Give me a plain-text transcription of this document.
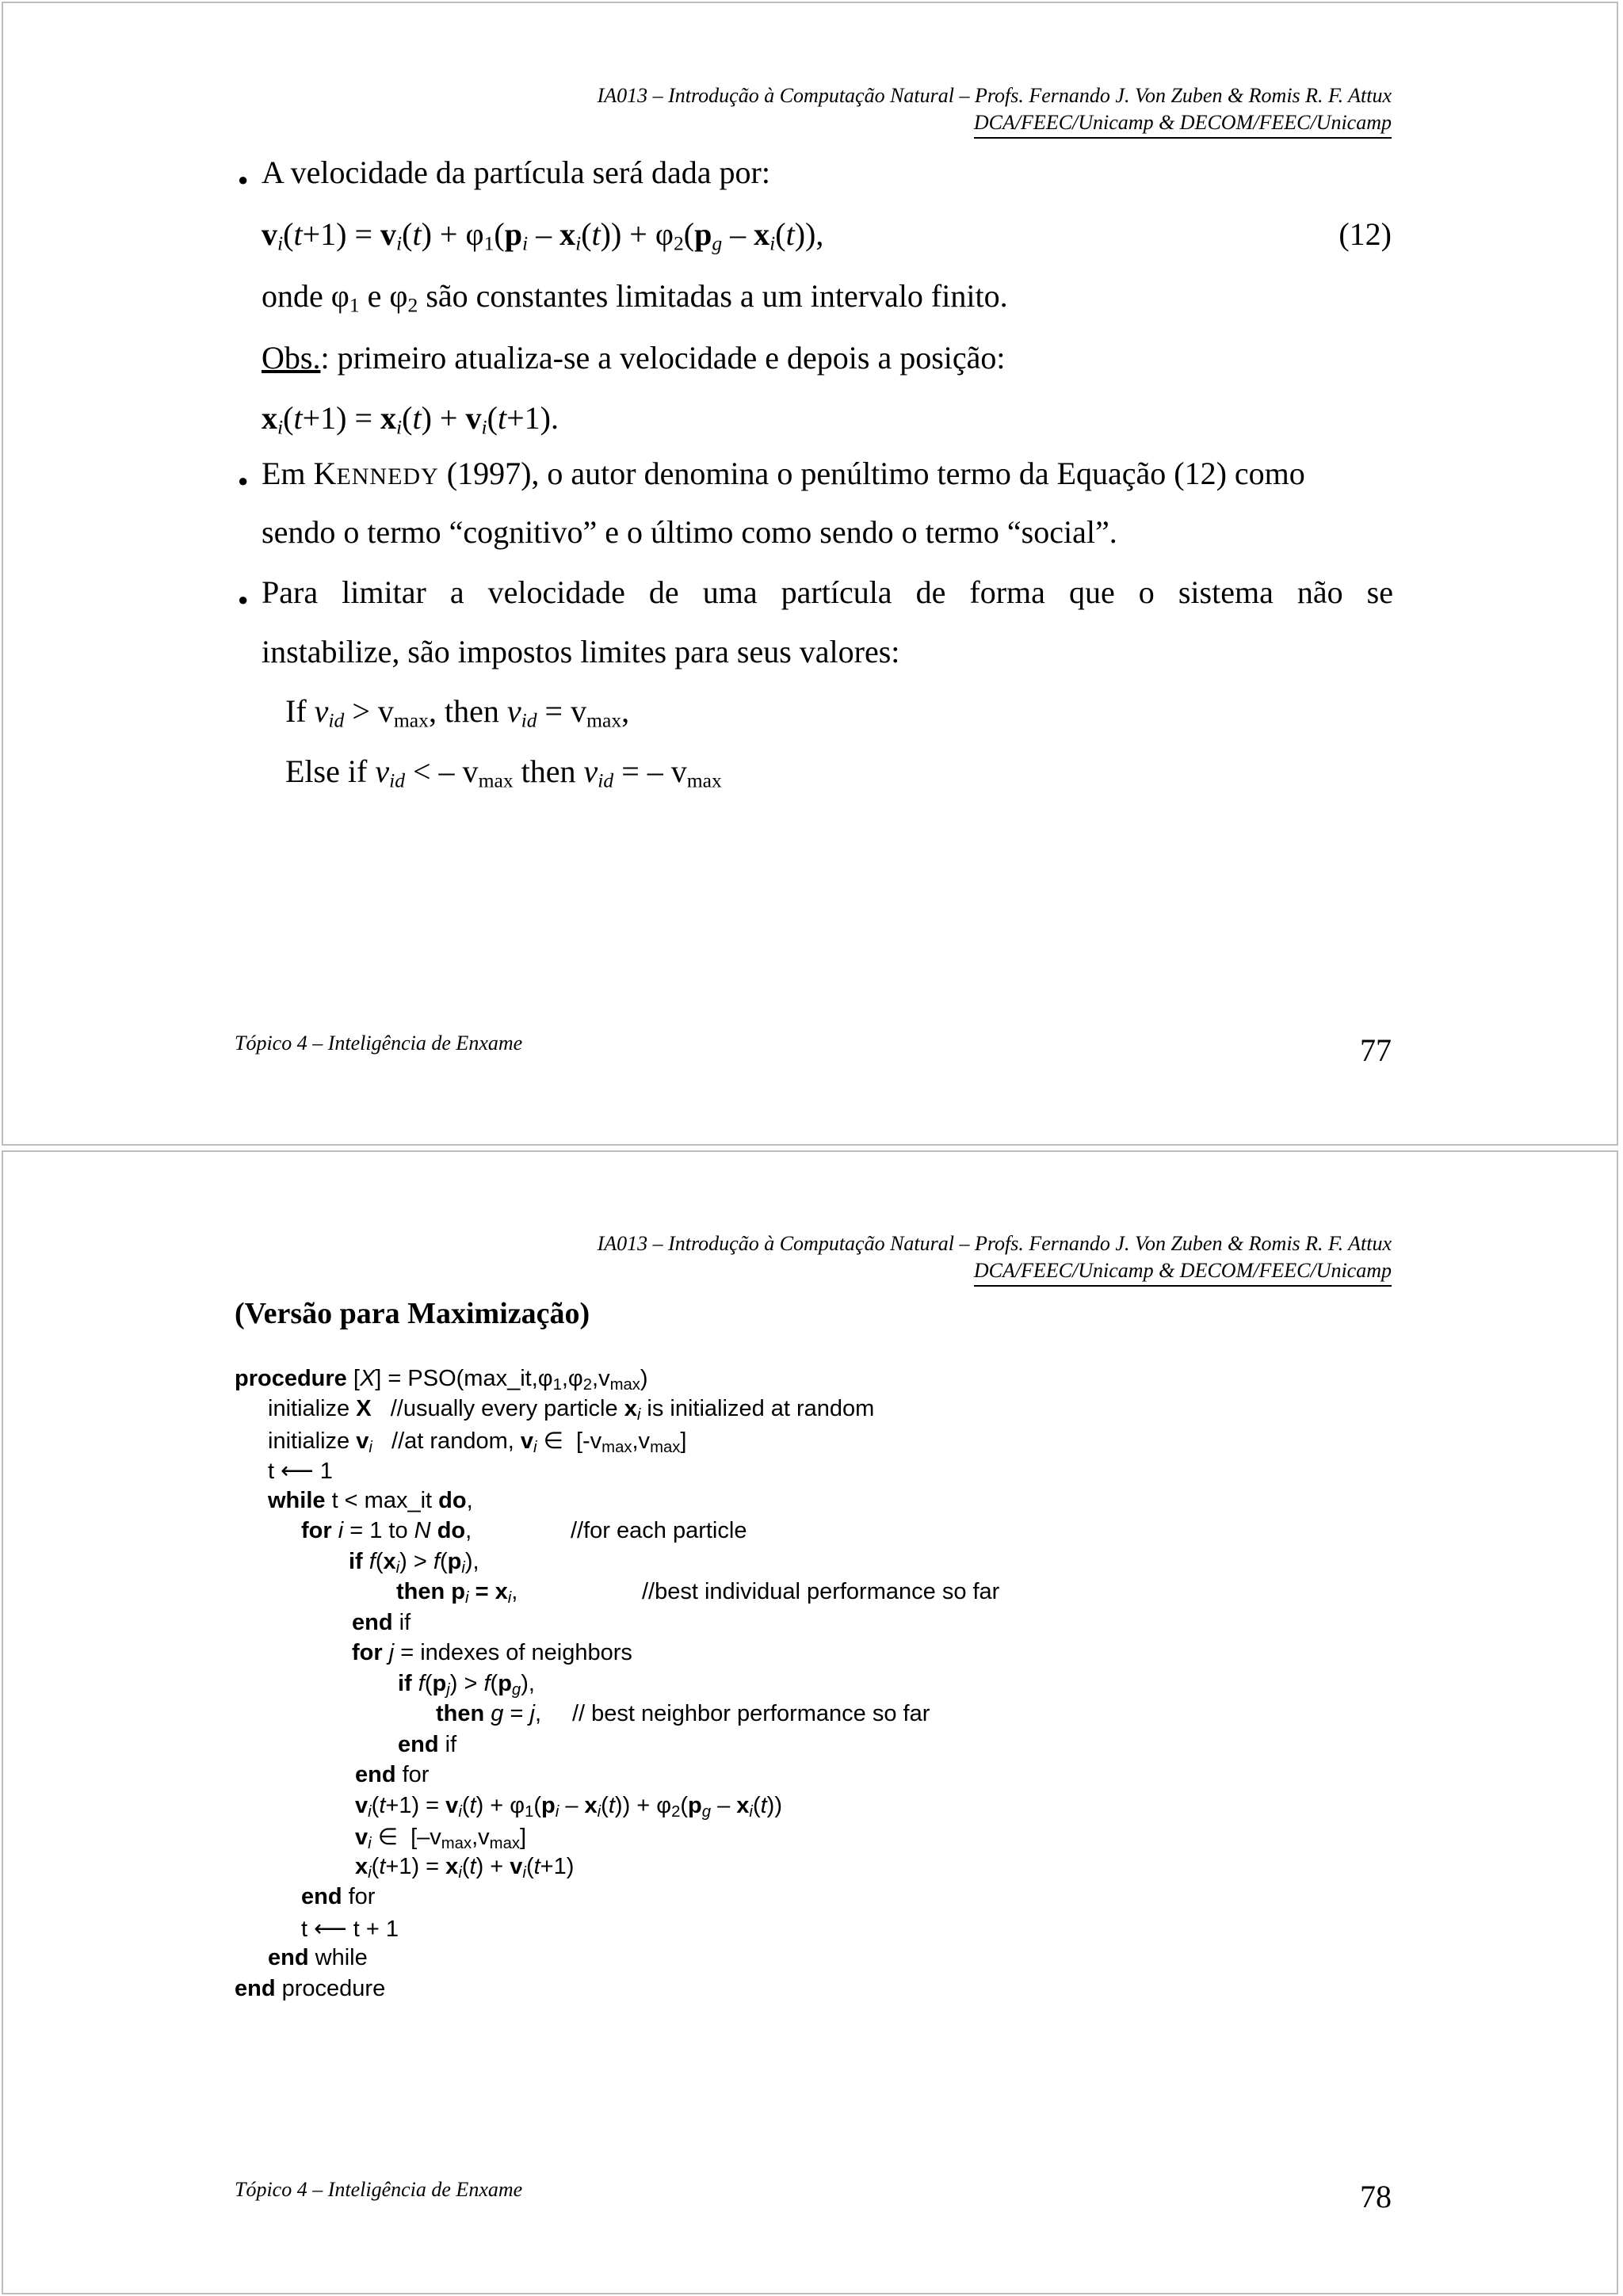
IA013 – Introdução à Computação Natural – Profs. Fernando J. Von Zuben & Romis R. F. Attux
DCA/FEEC/Unicamp & DECOM/FEEC/Unicamp
● A velocidade da partícula será dada por:
$v_i(t+1) = v_i(t) + \varphi_1(p_i - x_i(t)) + \varphi_2(p_g - x_i(t))$,	(12)
onde $\varphi_1$ e $\varphi_2$ são constantes limitadas a um intervalo finito.
Obs.: primeiro atualiza-se a velocidade e depois a posição:
$x_i(t+1) = x_i(t) + v_i(t+1)$.
● Em KENNEDY (1997), o autor denomina o penúltimo termo da Equação (12) como
sendo o termo “cognitivo” e o último como sendo o termo “social”.
● Para limitar a velocidade de uma partícula de forma que o sistema não se
instabilize, são impostos limites para seus valores:
If $v_{id} > v_{max}$, then $v_{id} = v_{max}$,
Else if $v_{id}$ < – $v_{max}$ then $v_{id}$ = – $v_{max}$
Tópico 4 – Inteligência de Enxame	77
IA013 – Introdução à Computação Natural – Profs. Fernando J. Von Zuben & Romis R. F. Attux
DCA/FEEC/Unicamp & DECOM/FEEC/Unicamp
(Versão para Maximização)
procedure $[X] = PSO(\max\_it,\varphi_1,\varphi_2,v_{max})$
initialize X   //usually every particle $x_i$ is initialized at random
initialize $v_i$   //at random, $v_i$ ∈  $[-v_{max},v_{max}]$
t ⟵ 1
while t < max_it do,
for i = 1 to N do,	//for each particle
if $f(x_i) > f(p_i)$,
then $p_i = x_i$,	//best individual performance so far
end if
for j = indexes of neighbors
if $f(p_j) > f(p_g)$,
then g = j, // best neighbor performance so far
end if
end for
$v_i(t+1) = v_i(t) + \varphi_1(p_i - x_i(t)) + \varphi_2(p_g - x_i(t))$
$v_i$ ∈  $[-v_{max},v_{max}]$
$x_i(t+1) = x_i(t) + v_i(t+1)$
end for
t ⟵ t + 1
end while
end procedure
Tópico 4 – Inteligência de Enxame	78
